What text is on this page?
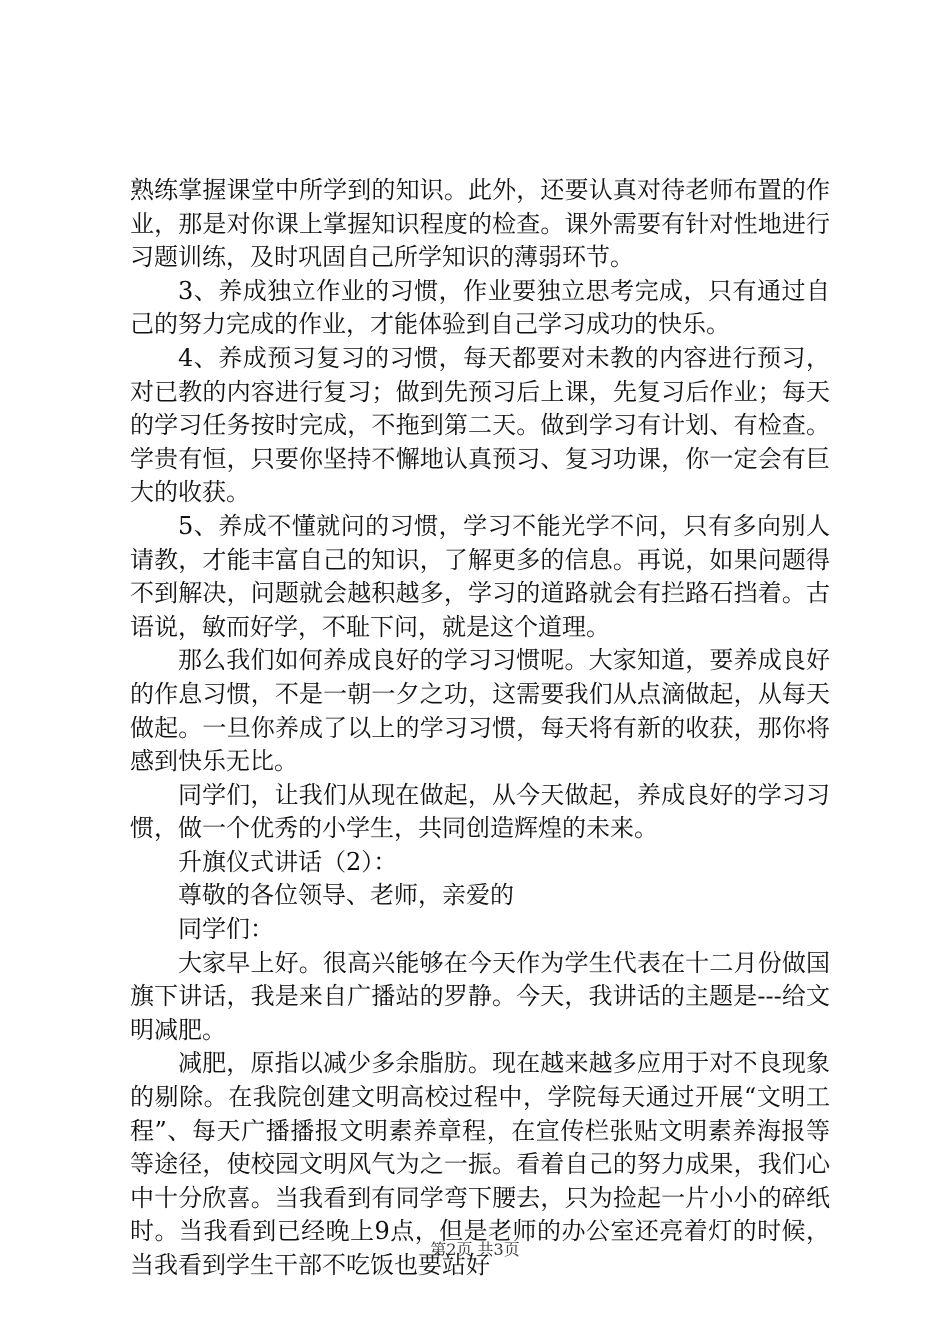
熟练掌握课堂中所学到的知识。此外，还要认真对待老师布置的作业，那是对你课上掌握知识程度的检查。课外需要有针对性地进行习题训练，及时巩固自己所学知识的薄弱环节。

3、养成独立作业的习惯，作业要独立思考完成，只有通过自己的努力完成的作业，才能体验到自己学习成功的快乐。

4、养成预习复习的习惯，每天都要对未教的内容进行预习，对已教的内容进行复习；做到先预习后上课，先复习后作业；每天的学习任务按时完成，不拖到第二天。做到学习有计划、有检查。学贵有恒，只要你坚持不懈地认真预习、复习功课，你一定会有巨大的收获。

5、养成不懂就问的习惯，学习不能光学不问，只有多向别人请教，才能丰富自己的知识，了解更多的信息。再说，如果问题得不到解决，问题就会越积越多，学习的道路就会有拦路石挡着。古语说，敏而好学，不耻下问，就是这个道理。

那么我们如何养成良好的学习习惯呢。大家知道，要养成良好的作息习惯，不是一朝一夕之功，这需要我们从点滴做起，从每天做起。一旦你养成了以上的学习习惯，每天将有新的收获，那你将感到快乐无比。

同学们，让我们从现在做起，从今天做起，养成良好的学习习惯，做一个优秀的小学生，共同创造辉煌的未来。

升旗仪式讲话（2）：

尊敬的各位领导、老师，亲爱的

同学们：

大家早上好。很高兴能够在今天作为学生代表在十二月份做国旗下讲话，我是来自广播站的罗静。今天，我讲话的主题是---给文明减肥。

减肥，原指以减少多余脂肪。现在越来越多应用于对不良现象的剔除。在我院创建文明高校过程中，学院每天通过开展“文明工程”、每天广播播报文明素养章程，在宣传栏张贴文明素养海报等等途径，使校园文明风气为之一振。看着自己的努力成果，我们心中十分欣喜。当我看到有同学弯下腰去，只为捡起一片小小的碎纸时。当我看到已经晚上9点，但是老师的办公室还亮着灯的时候，当我看到学生干部不吃饭也要站好

第2页 共3页
